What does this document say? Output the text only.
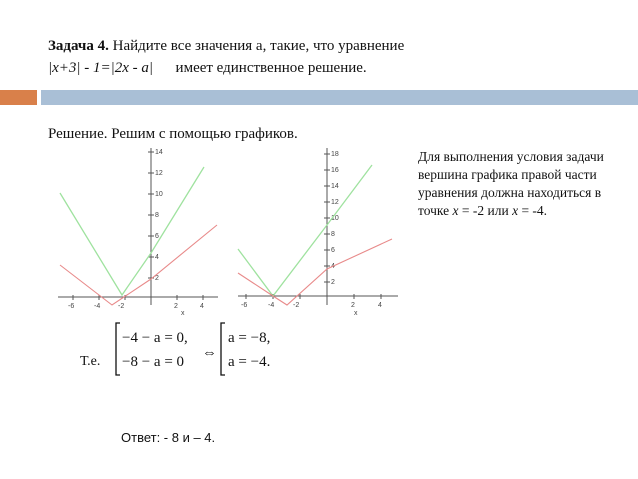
Задача 4. Найдите все значения а, такие, что уравнение
|x+3| - 1=|2x - a| имеет единственное решение.
Решение. Решим с помощью графиков.
-6	-4	-2	2	4
x
14
12
10
8
6
4
2
-6	-4	-2	2	4
x
18
16
14
12
10
8
6
4
2
Для выполнения условия задачи вершина графика правой части уравнения должна находиться в точке x = -2 или x = -4.
Т.е.
−4 − a = 0,
−8 − a = 0
⇔
a = −8,
a = −4.
Ответ: - 8 и – 4.
